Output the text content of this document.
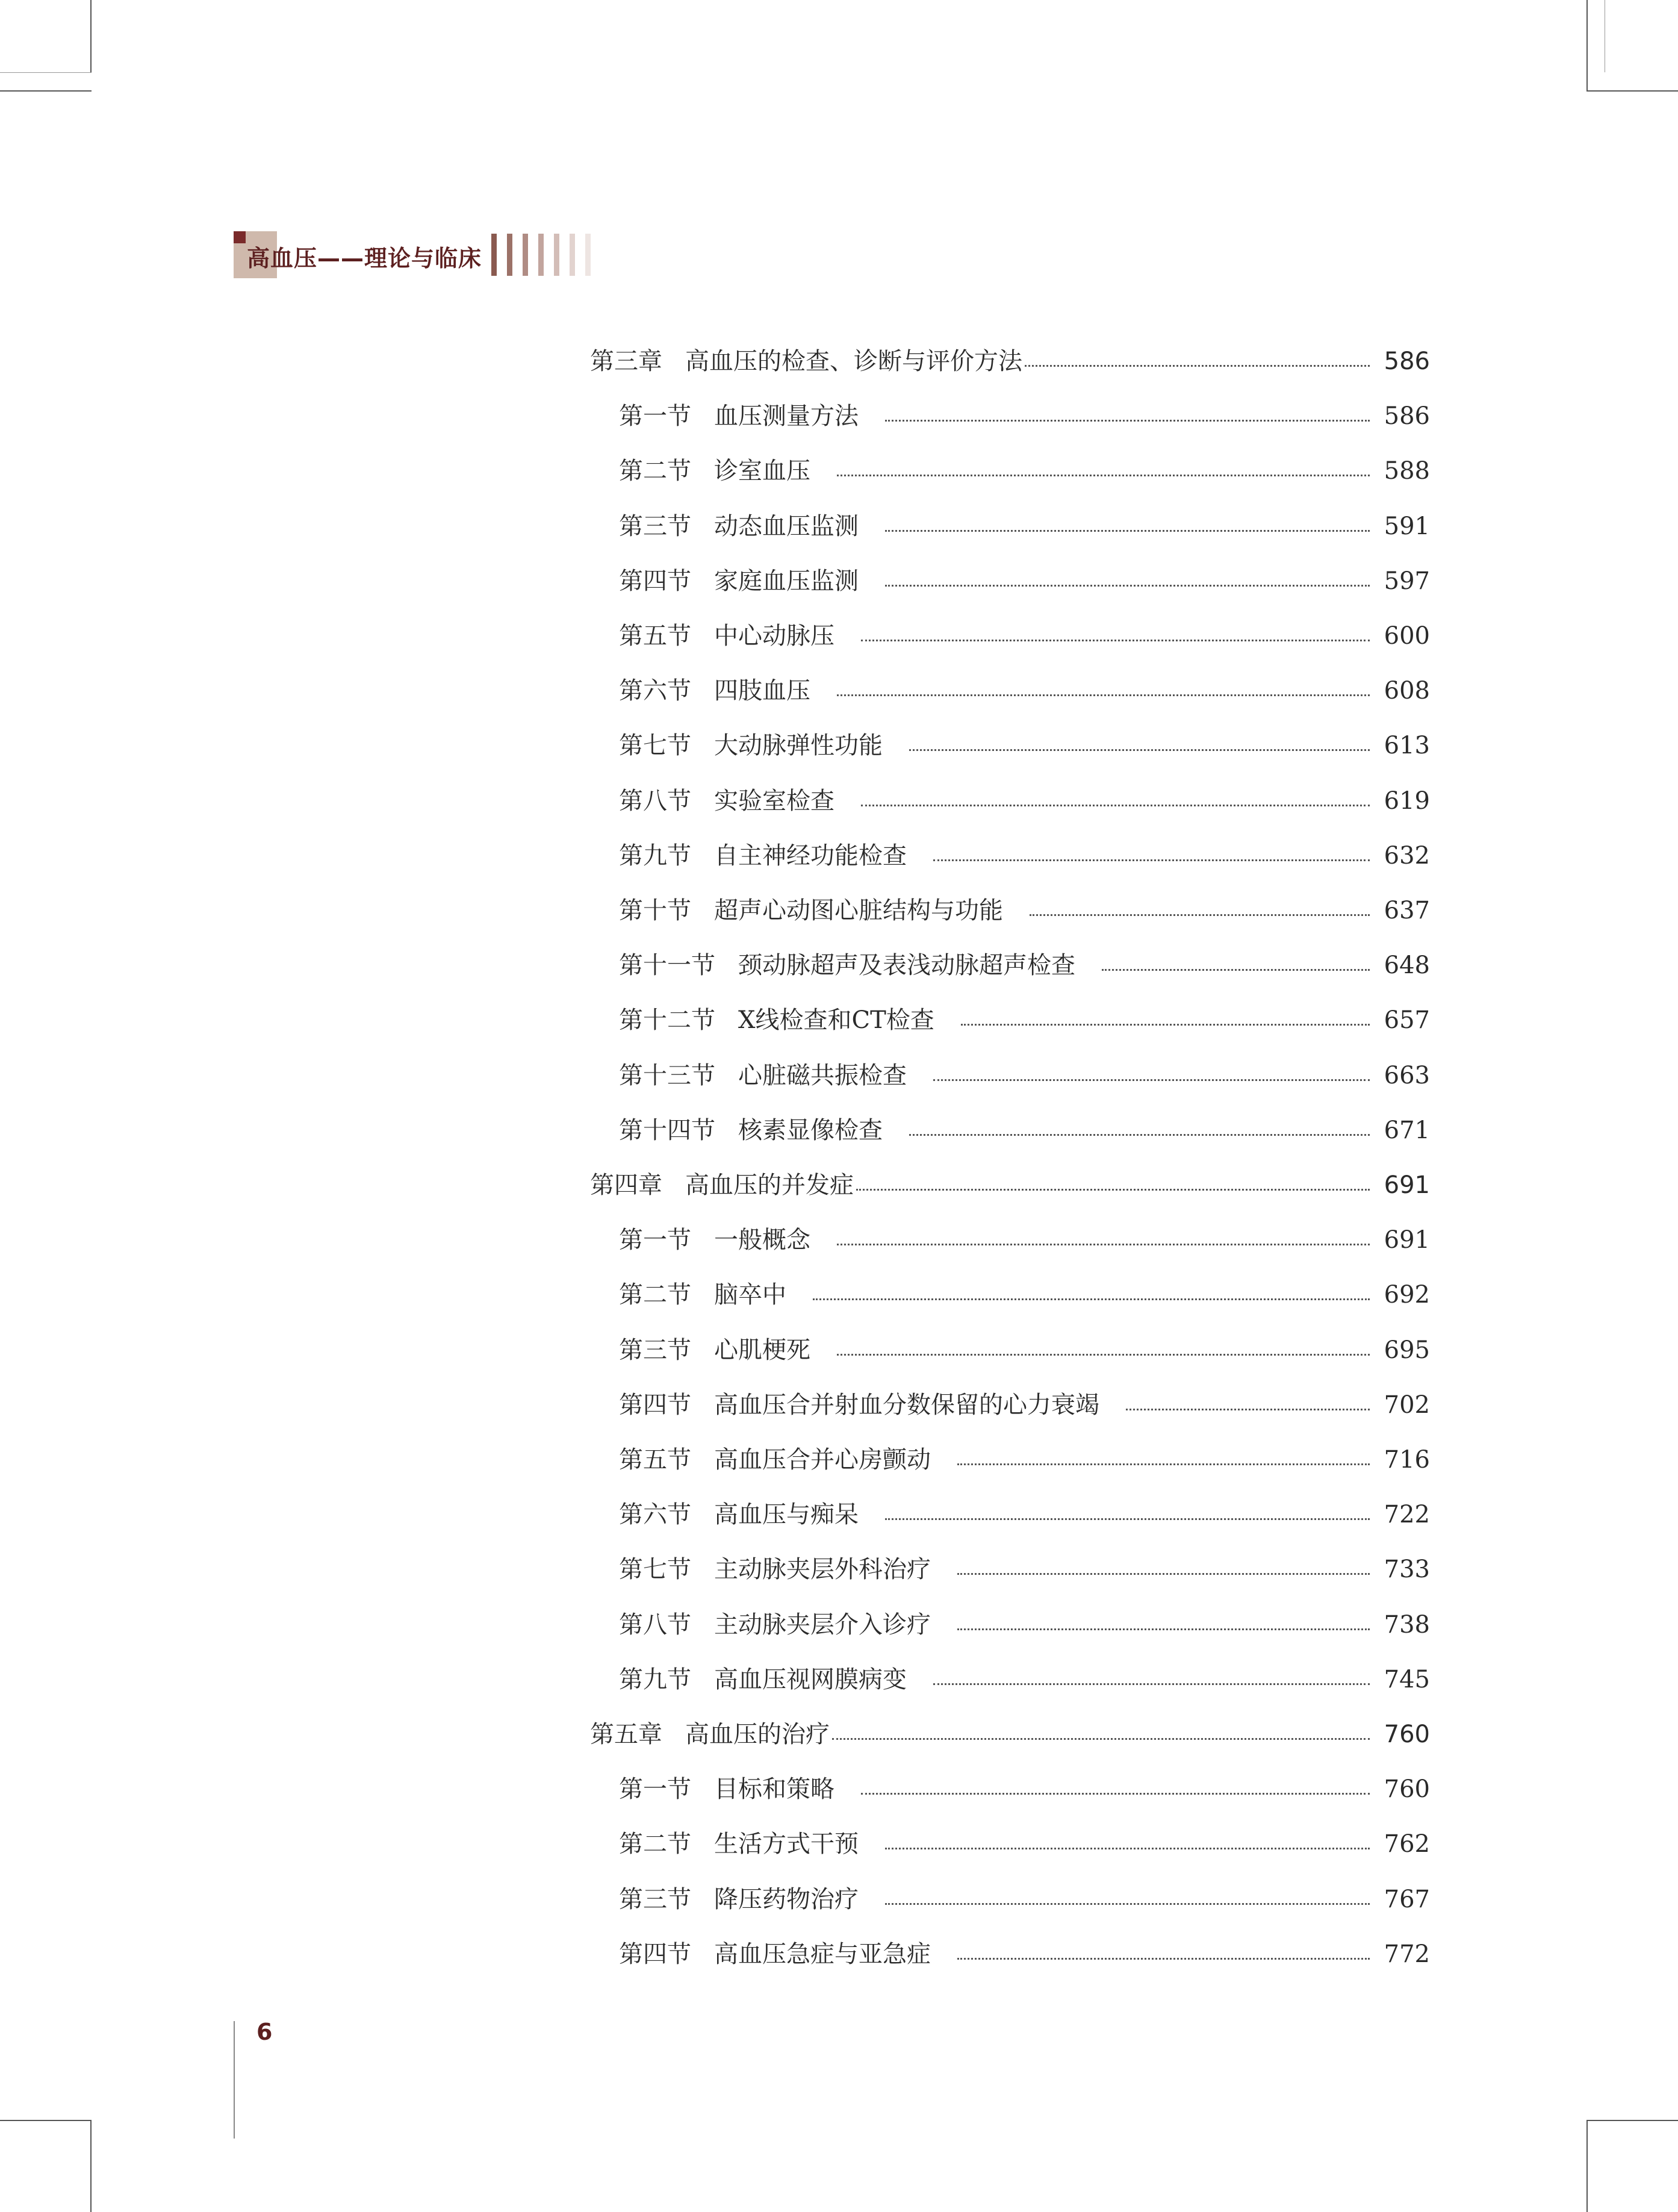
高血压——理论与临床
第三章 高血压的检查、诊断与评价方法	586
第一节 血压测量方法	586
第二节 诊室血压	588
第三节 动态血压监测	591
第四节 家庭血压监测	597
第五节 中心动脉压	600
第六节 四肢血压	608
第七节 大动脉弹性功能	613
第八节 实验室检查	619
第九节 自主神经功能检查	632
第十节 超声心动图心脏结构与功能	637
第十一节 颈动脉超声及表浅动脉超声检查	648
第十二节 X线检查和CT检查	657
第十三节 心脏磁共振检查	663
第十四节 核素显像检查	671
第四章 高血压的并发症	691
第一节 一般概念	691
第二节 脑卒中	692
第三节 心肌梗死	695
第四节 高血压合并射血分数保留的心力衰竭	702
第五节 高血压合并心房颤动	716
第六节 高血压与痴呆	722
第七节 主动脉夹层外科治疗	733
第八节 主动脉夹层介入诊疗	738
第九节 高血压视网膜病变	745
第五章 高血压的治疗	760
第一节 目标和策略	760
第二节 生活方式干预	762
第三节 降压药物治疗	767
第四节 高血压急症与亚急症	772
6
